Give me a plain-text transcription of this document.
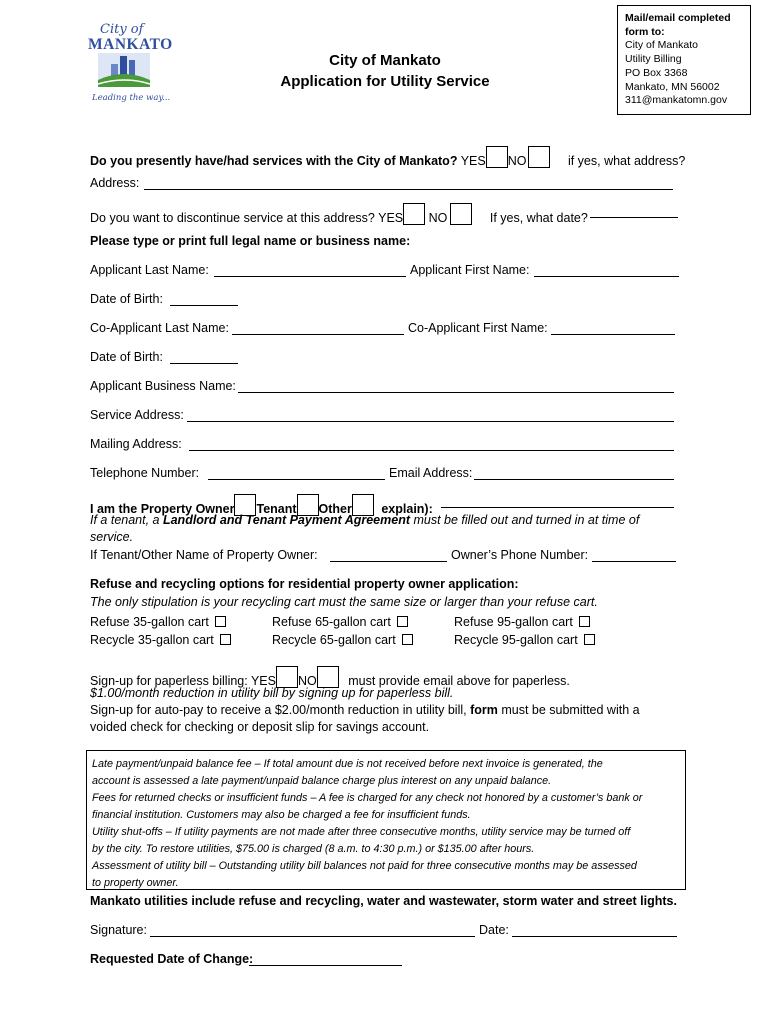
City of
MANKATO
Leading the way...
City of Mankato
Application for Utility Service
Mail/email completed
form to:
City of Mankato
Utility Billing
PO Box 3368
Mankato, MN 56002
311@mankatomn.gov
Do you presently have/had services with the City of Mankato? YES NO	if yes, what address?
Address:
Do you want to discontinue service at this address? YES NO	If yes, what date?
Please type or print full legal name or business name:
Applicant Last Name:	Applicant First Name:
Date of Birth:
Co-Applicant Last Name:	Co-Applicant First Name:
Date of Birth:
Applicant Business Name:
Service Address:
Mailing Address:
Telephone Number:	Email Address:
I am the Property Owner Tenant Other explain):
If a tenant, a Landlord and Tenant Payment Agreement must be filled out and turned in at time of
service.
If Tenant/Other Name of Property Owner:	Owner’s Phone Number:
Refuse and recycling options for residential property owner application:
The only stipulation is your recycling cart must the same size or larger than your refuse cart.
Refuse 35-gallon cart	Refuse 65-gallon cart	Refuse 95-gallon cart
Recycle 35-gallon cart	Recycle 65-gallon cart	Recycle 95-gallon cart
Sign-up for paperless billing: YES NO	must provide email above for paperless.
$1.00/month reduction in utility bill by signing up for paperless bill.
Sign-up for auto-pay to receive a $2.00/month reduction in utility bill, form must be submitted with a
voided check for checking or deposit slip for savings account.
Late payment/unpaid balance fee – If total amount due is not received before next invoice is generated, the
account is assessed a late payment/unpaid balance charge plus interest on any unpaid balance.
Fees for returned checks or insufficient funds – A fee is charged for any check not honored by a customer’s bank or
financial institution. Customers may also be charged a fee for insufficient funds.
Utility shut-offs – If utility payments are not made after three consecutive months, utility service may be turned off
by the city. To restore utilities, $75.00 is charged (8 a.m. to 4:30 p.m.) or $135.00 after hours.
Assessment of utility bill – Outstanding utility bill balances not paid for three consecutive months may be assessed
to property owner.
Mankato utilities include refuse and recycling, water and wastewater, storm water and street lights.
Signature:	Date:
Requested Date of Change:
